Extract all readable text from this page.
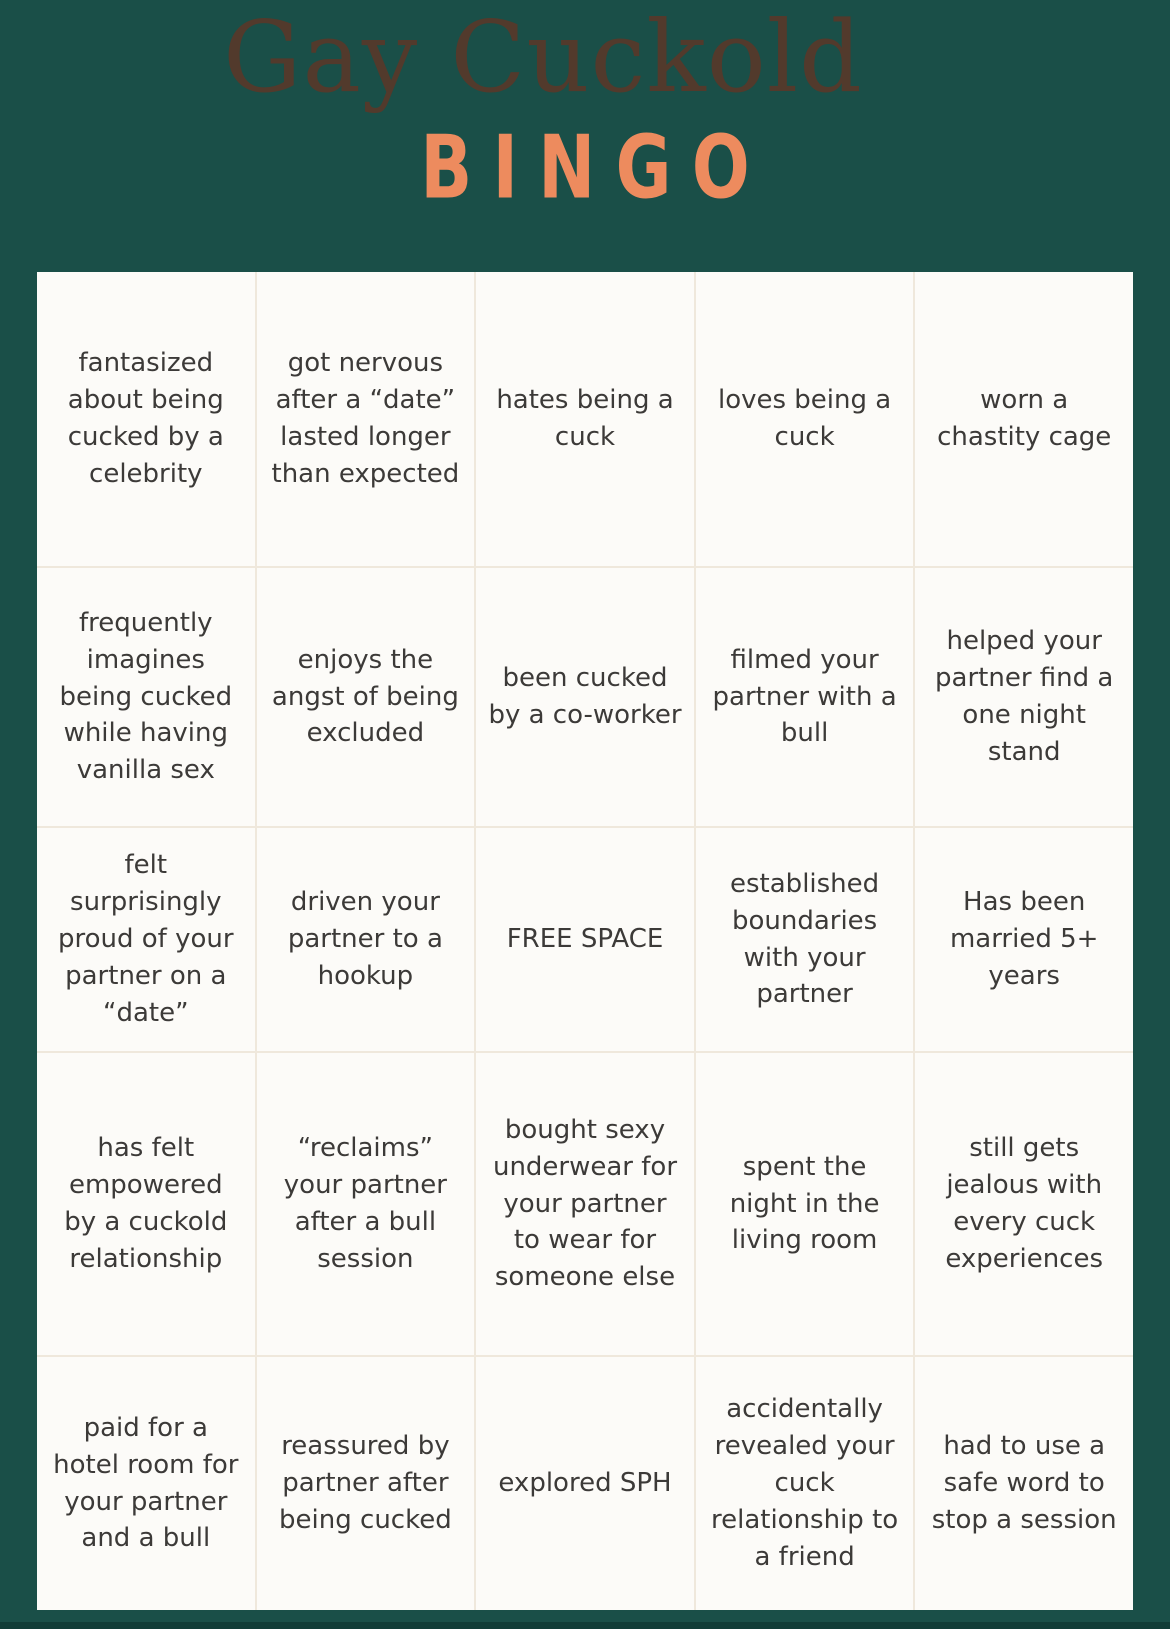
Gay Cuckold
BINGO
fantasized about being cucked by a celebrity
got nervous after a “date” lasted longer than expected
hates being a cuck
loves being a cuck
worn a chastity cage
frequently imagines being cucked while having vanilla sex
enjoys the angst of being excluded
been cucked by a co-worker
filmed your partner with a bull
helped your partner find a one night stand
felt surprisingly proud of your partner on a “date”
driven your partner to a hookup
FREE SPACE
established boundaries with your partner
Has been married 5+ years
has felt empowered by a cuckold relationship
“reclaims” your partner after a bull session
bought sexy underwear for your partner to wear for someone else
spent the night in the living room
still gets jealous with every cuck experiences
paid for a hotel room for your partner and a bull
reassured by partner after being cucked
explored SPH
accidentally revealed your cuck relationship to a friend
had to use a safe word to stop a session
